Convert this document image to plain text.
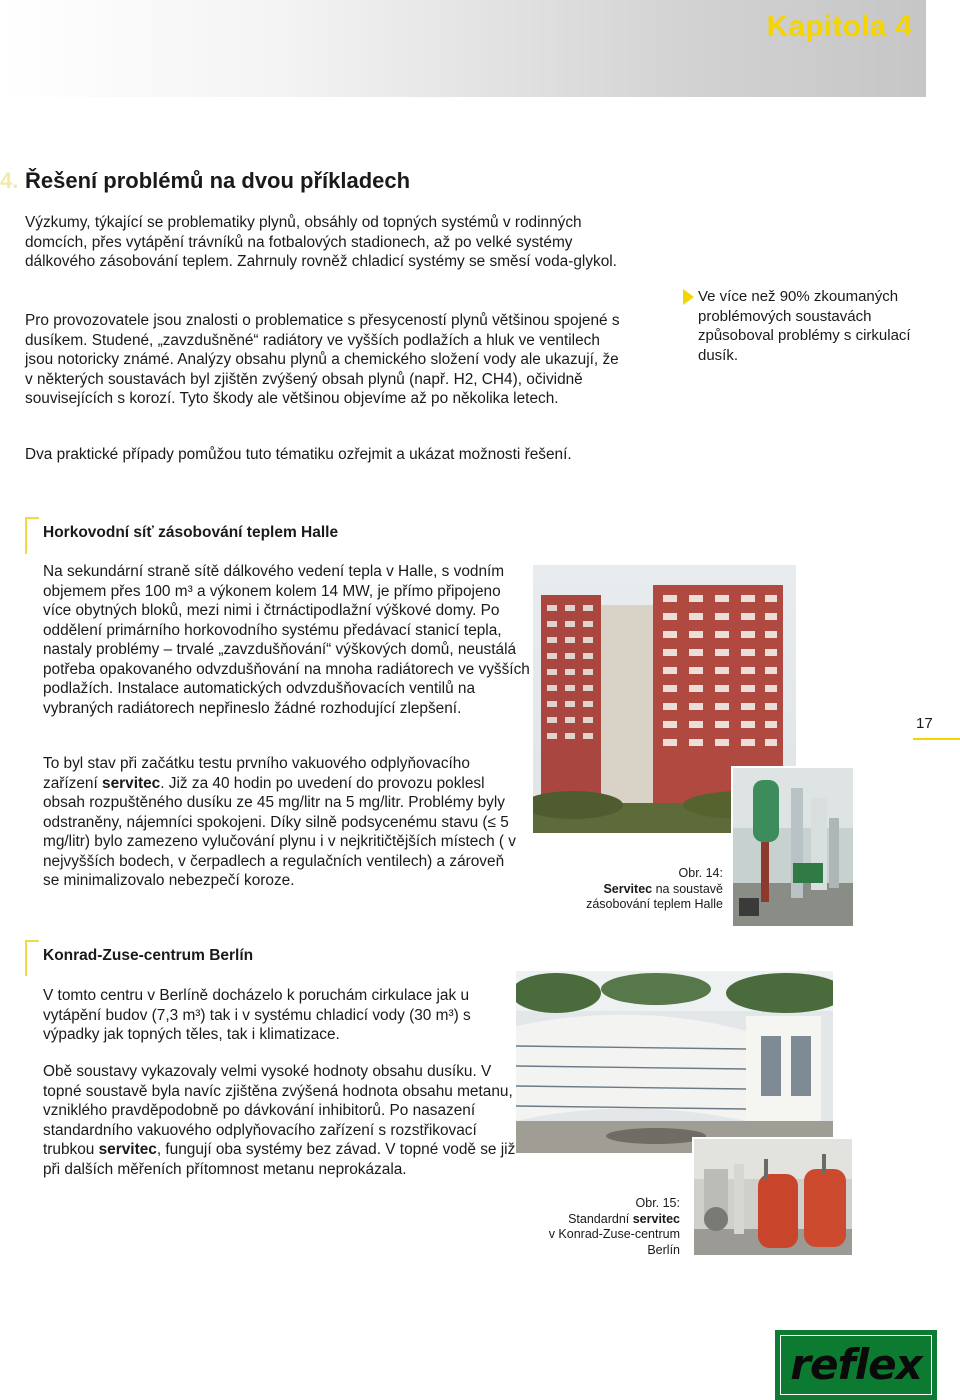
Kapitola 4
4. Řešení problémů na dvou příkladech
Výzkumy, týkající se problematiky plynů, obsáhly od topných systémů v rodinných domcích, přes vytápění trávníků na fotbalových stadionech, až po velké systémy dálkového zásobování teplem. Zahrnuly rovněž chladicí systémy se směsí voda-glykol.
Pro provozovatele jsou znalosti o problematice s přesyceností plynů většinou spojené s dusíkem. Studené, „zavzdušněné“ radiátory ve vyšších podlažích a hluk ve ventilech jsou notoricky známé. Analýzy obsahu plynů a chemického složení vody ale ukazují, že v některých soustavách byl zjištěn zvýšený obsah plynů (např. H2, CH4), očividně souvisejících s korozí. Tyto škody ale většinou objevíme až po několika letech.
Dva praktické případy pomůžou tuto tématiku ozřejmit a ukázat možnosti řešení.
Ve více než 90% zkoumaných problémových soustavách způsoboval problémy s cirkulací dusík.
Horkovodní síť zásobování teplem Halle
Na sekundární straně sítě dálkového vedení tepla v Halle, s vodním objemem přes 100 m³ a výkonem kolem 14 MW, je přímo připojeno více obytných bloků, mezi nimi i čtrnáctipodlažní výškové domy. Po oddělení primárního horkovodního systému předávací stanicí tepla, nastaly problémy – trvalé „zavzdušňování“ výškových domů, neustálá potřeba opakovaného odvzdušňování na mnoha radiátorech ve vyšších podlažích. Instalace automatických odvzdušňovacích ventilů na vybraných radiátorech nepřineslo žádné rozhodující zlepšení.
To byl stav při začátku testu prvního vakuového odplyňovacího zařízení servitec. Již za 40 hodin po uvedení do provozu poklesl obsah rozpuštěného dusíku ze 45 mg/litr na 5 mg/litr. Problémy byly odstraněny, nájemníci spokojeni. Díky silně podsycenému stavu (≤ 5 mg/litr) bylo zamezeno vylučování plynu i v nejkritičtějších místech ( v nejvyšších bodech, v čerpadlech a regulačních ventilech) a zároveň se minimalizovalo nebezpečí koroze.	Obr. 14:
Servitec na soustavě zásobování teplem Halle
Konrad-Zuse-centrum Berlín
V tomto centru v Berlíně docházelo k poruchám cirkulace jak u vytápění budov (7,3 m³) tak i v systému chladicí vody (30 m³) s výpadky jak topných těles, tak i klimatizace.
Obě soustavy vykazovaly velmi vysoké hodnoty obsahu dusíku. V topné soustavě byla navíc zjištěna zvýšená hodnota obsahu metanu, vzniklého pravděpodobně po dávkování inhibitorů. Po nasazení standardního vakuového odplyňovacího zařízení s rozstřikovací trubkou servitec, fungují oba systémy bez závad. V topné vodě se již při dalších měřeních přítomnost metanu neprokázala.
Obr. 15:
Standardní servitec
v Konrad-Zuse-centrum
Berlín
17
reflex
